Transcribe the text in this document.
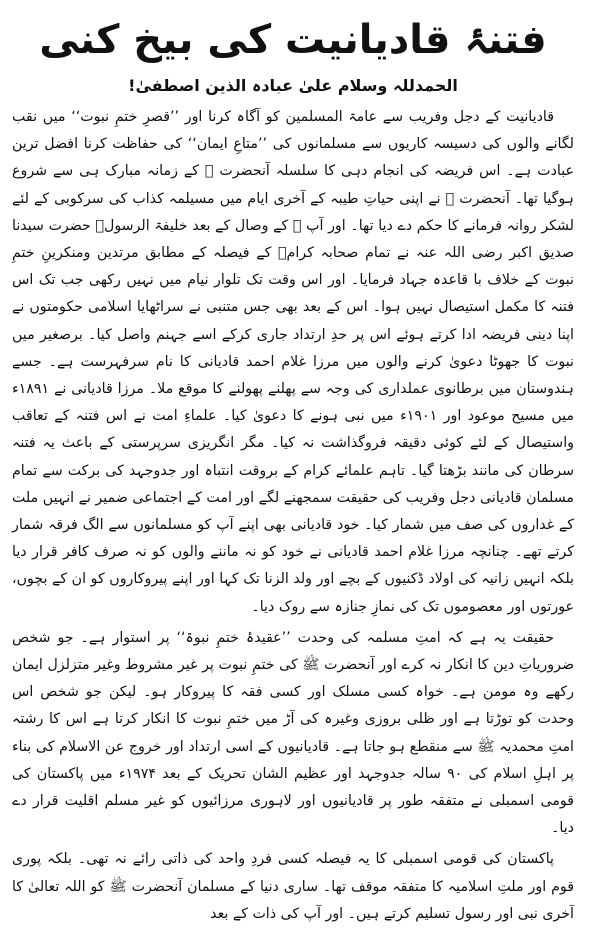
فتنۂ قادیانیت کی بیخ کنی
الحمدللہ وسلام علیٰ عبادہ الذین اصطفیٰ!

قادیانیت کے دجل وفریب سے عامۃ المسلمین کو آگاہ کرنا اور ’’قصرِ ختمِ نبوت‘‘ میں نقب لگانے والوں کی دسیسہ کاریوں سے مسلمانوں کی ’’متاعِ ایمان‘‘ کی حفاظت کرنا افضل ترین عبادت ہے۔ اس فریضہ کی انجام دہی کا سلسلہ آنحضرت ﷺ کے زمانہ مبارک ہی سے شروع ہوگیا تھا۔ آنحضرت ﷺ نے اپنی حیاتِ طیبہ کے آخری ایام میں مسیلمہ کذاب کی سرکوبی کے لئے لشکر روانہ فرمانے کا حکم دے دیا تھا۔ اور آپ ﷺ کے وصال کے بعد خلیفۃ الرسولؐ حضرت سیدنا صدیق اکبر رضی اللہ عنہ نے تمام صحابہ کرامؓ کے فیصلہ کے مطابق مرتدین ومنکرینِ ختمِ نبوت کے خلاف با قاعدہ جہاد فرمایا۔ اور اس وقت تک تلوار نیام میں نہیں رکھی جب تک اس فتنہ کا مکمل استیصال نہیں ہوا۔ اس کے بعد بھی جس متنبی نے سراٹھایا اسلامی حکومتوں نے اپنا دینی فریضہ ادا کرتے ہوئے اس پر حدِ ارتداد جاری کرکے اسے جہنم واصل کیا۔ برصغیر میں نبوت کا جھوٹا دعویٰ کرنے والوں میں مرزا غلام احمد قادیانی کا نام سرفہرست ہے۔ جسے ہندوستان میں برطانوی عملداری کی وجہ سے پھلنے پھولنے کا موقع ملا۔ مرزا قادیانی نے ۱۸۹۱ء میں مسیح موعود اور ۱۹۰۱ء میں نبی ہونے کا دعویٰ کیا۔ علماءِ امت نے اس فتنہ کے تعاقب واستیصال کے لئے کوئی دقیقہ فروگذاشت نہ کیا۔ مگر انگریزی سرپرستی کے باعث یہ فتنہ سرطان کی مانند بڑھتا گیا۔ تاہم علمائے کرام کے بروقت انتباہ اور جدوجہد کی برکت سے تمام مسلمان قادیانی دجل وفریب کی حقیقت سمجھنے لگے اور امت کے اجتماعی ضمیر نے انہیں ملت کے غداروں کی صف میں شمار کیا۔ خود قادیانی بھی اپنے آپ کو مسلمانوں سے الگ فرقہ شمار کرتے تھے۔ چنانچہ مرزا غلام احمد قادیانی نے خود کو نہ ماننے والوں کو نہ صرف کافر قرار دیا بلکہ انہیں زانیہ کی اولاد ڈکنیوں کے بچے اور ولد الزنا تک کہا اور اپنے پیروکاروں کو ان کے بچوں، عورتوں اور معصوموں تک کی نمازِ جنازہ سے روک دیا۔

حقیقت یہ ہے کہ امتِ مسلمہ کی وحدت ’’عقیدۂ ختمِ نبوۃ‘‘ پر استوار ہے۔ جو شخص ضروریاتِ دین کا انکار نہ کرے اور آنحضرت ﷺ کی ختمِ نبوت پر غیر مشروط وغیر متزلزل ایمان رکھے وہ مومن ہے۔ خواہ کسی مسلک اور کسی فقہ کا پیروکار ہو۔ لیکن جو شخص اس وحدت کو توڑتا ہے اور ظلی بروزی وغیرہ کی آڑ میں ختمِ نبوت کا انکار کرتا ہے اس کا رشتہ امتِ محمدیہ ﷺ سے منقطع ہو جاتا ہے۔ قادیانیوں کے اسی ارتداد اور خروج عن الاسلام کی بناء پر اہلِ اسلام کی ۹۰ سالہ جدوجہد اور عظیم الشان تحریک کے بعد ۱۹۷۴ء میں پاکستان کی قومی اسمبلی نے متفقہ طور پر قادیانیوں اور لاہوری مرزائیوں کو غیر مسلم اقلیت قرار دے دیا۔

پاکستان کی قومی اسمبلی کا یہ فیصلہ کسی فردِ واحد کی ذاتی رائے نہ تھی۔ بلکہ پوری قوم اور ملتِ اسلامیہ کا متفقہ موقف تھا۔ ساری دنیا کے مسلمان آنحضرت ﷺ کو اللہ تعالیٰ کا آخری نبی اور رسول تسلیم کرتے ہیں۔ اور آپ کی ذات کے بعد
